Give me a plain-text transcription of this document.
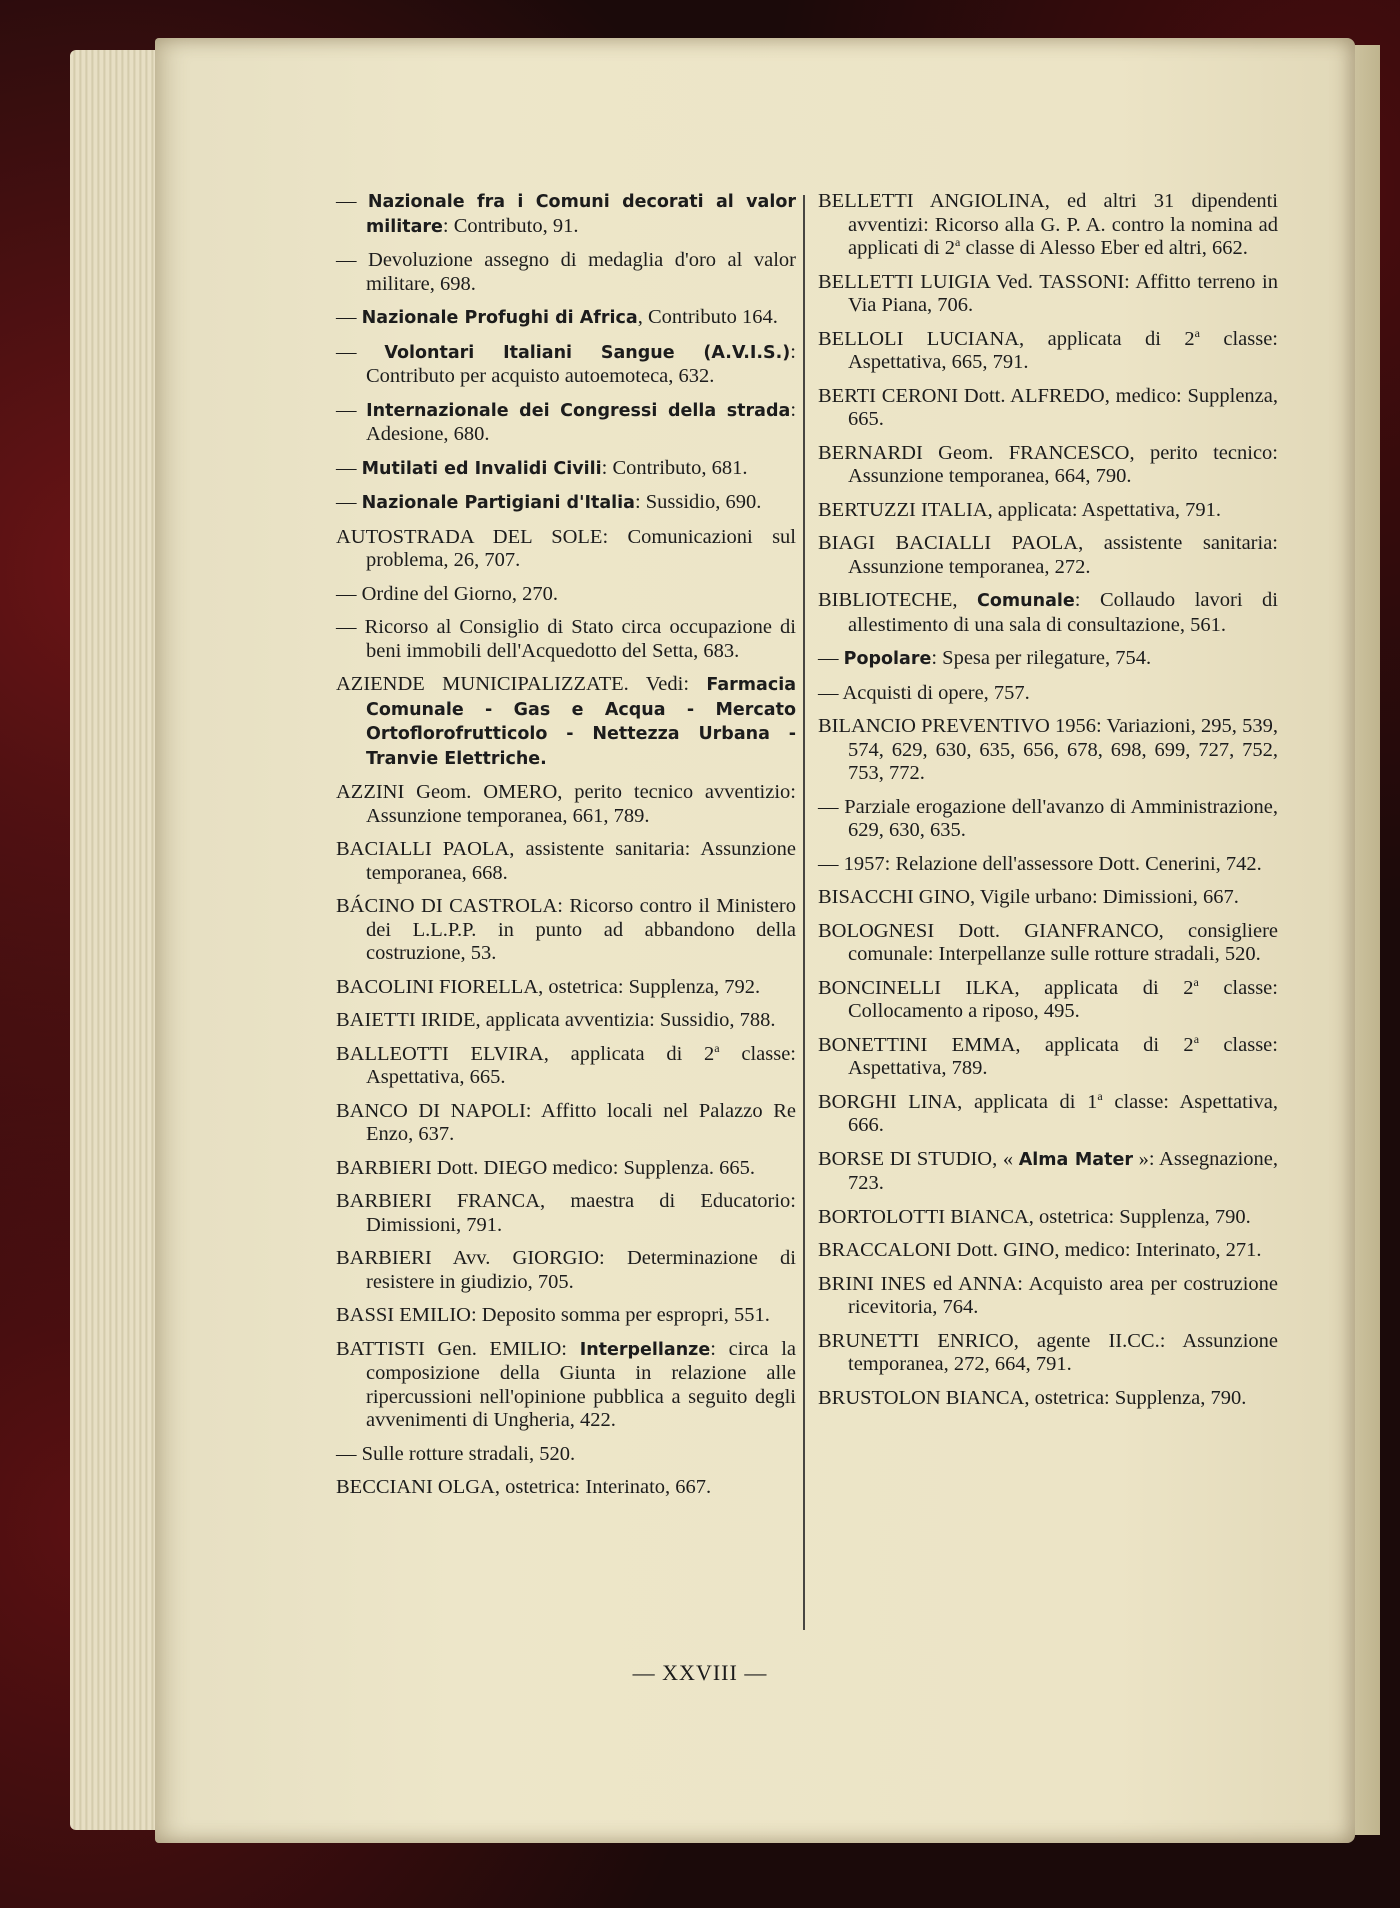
— Nazionale fra i Comuni decorati al valor militare: Contributo, 91.

— Devoluzione assegno di medaglia d'oro al valor militare, 698.

— Nazionale Profughi di Africa, Contributo 164.

— Volontari Italiani Sangue (A.V.I.S.): Contributo per acquisto autoemoteca, 632.

— Internazionale dei Congressi della strada: Adesione, 680.

— Mutilati ed Invalidi Civili: Contributo, 681.

— Nazionale Partigiani d'Italia: Sussidio, 690.

AUTOSTRADA DEL SOLE: Comunicazioni sul problema, 26, 707.

— Ordine del Giorno, 270.

— Ricorso al Consiglio di Stato circa occupazione di beni immobili dell'Acquedotto del Setta, 683.

AZIENDE MUNICIPALIZZATE. Vedi: Farmacia Comunale - Gas e Acqua - Mercato Ortoflorofrutticolo - Nettezza Urbana - Tranvie Elettriche.

AZZINI Geom. OMERO, perito tecnico avventizio: Assunzione temporanea, 661, 789.

BACIALLI PAOLA, assistente sanitaria: Assunzione temporanea, 668.

BÁCINO DI CASTROLA: Ricorso contro il Ministero dei L.L.P.P. in punto ad abbandono della costruzione, 53.

BACOLINI FIORELLA, ostetrica: Supplenza, 792.

BAIETTI IRIDE, applicata avventizia: Sussidio, 788.

BALLEOTTI ELVIRA, applicata di 2$^a$ classe: Aspettativa, 665.

BANCO DI NAPOLI: Affitto locali nel Palazzo Re Enzo, 637.

BARBIERI Dott. DIEGO medico: Supplenza. 665.

BARBIERI FRANCA, maestra di Educatorio: Dimissioni, 791.

BARBIERI Avv. GIORGIO: Determinazione di resistere in giudizio, 705.

BASSI EMILIO: Deposito somma per espropri, 551.

BATTISTI Gen. EMILIO: Interpellanze: circa la composizione della Giunta in relazione alle ripercussioni nell'opinione pubblica a seguito degli avvenimenti di Ungheria, 422.

— Sulle rotture stradali, 520.

BECCIANI OLGA, ostetrica: Interinato, 667.

BELLETTI ANGIOLINA, ed altri 31 dipendenti avventizi: Ricorso alla G. P. A. contro la nomina ad applicati di 2$^a$ classe di Alesso Eber ed altri, 662.

BELLETTI LUIGIA Ved. TASSONI: Affitto terreno in Via Piana, 706.

BELLOLI LUCIANA, applicata di 2$^a$ classe: Aspettativa, 665, 791.

BERTI CERONI Dott. ALFREDO, medico: Supplenza, 665.

BERNARDI Geom. FRANCESCO, perito tecnico: Assunzione temporanea, 664, 790.

BERTUZZI ITALIA, applicata: Aspettativa, 791.

BIAGI BACIALLI PAOLA, assistente sanitaria: Assunzione temporanea, 272.

BIBLIOTECHE, Comunale: Collaudo lavori di allestimento di una sala di consultazione, 561.

— Popolare: Spesa per rilegature, 754.

— Acquisti di opere, 757.

BILANCIO PREVENTIVO 1956: Variazioni, 295, 539, 574, 629, 630, 635, 656, 678, 698, 699, 727, 752, 753, 772.

— Parziale erogazione dell'avanzo di Amministrazione, 629, 630, 635.

— 1957: Relazione dell'assessore Dott. Cenerini, 742.

BISACCHI GINO, Vigile urbano: Dimissioni, 667.

BOLOGNESI Dott. GIANFRANCO, consigliere comunale: Interpellanze sulle rotture stradali, 520.

BONCINELLI ILKA, applicata di 2$^a$ classe: Collocamento a riposo, 495.

BONETTINI EMMA, applicata di 2$^a$ classe: Aspettativa, 789.

BORGHI LINA, applicata di 1$^a$ classe: Aspettativa, 666.

BORSE DI STUDIO, « Alma Mater »: Assegnazione, 723.

BORTOLOTTI BIANCA, ostetrica: Supplenza, 790.

BRACCALONI Dott. GINO, medico: Interinato, 271.

BRINI INES ed ANNA: Acquisto area per costruzione ricevitoria, 764.

BRUNETTI ENRICO, agente II.CC.: Assunzione temporanea, 272, 664, 791.

BRUSTOLON BIANCA, ostetrica: Supplenza, 790.

— XXVIII —
